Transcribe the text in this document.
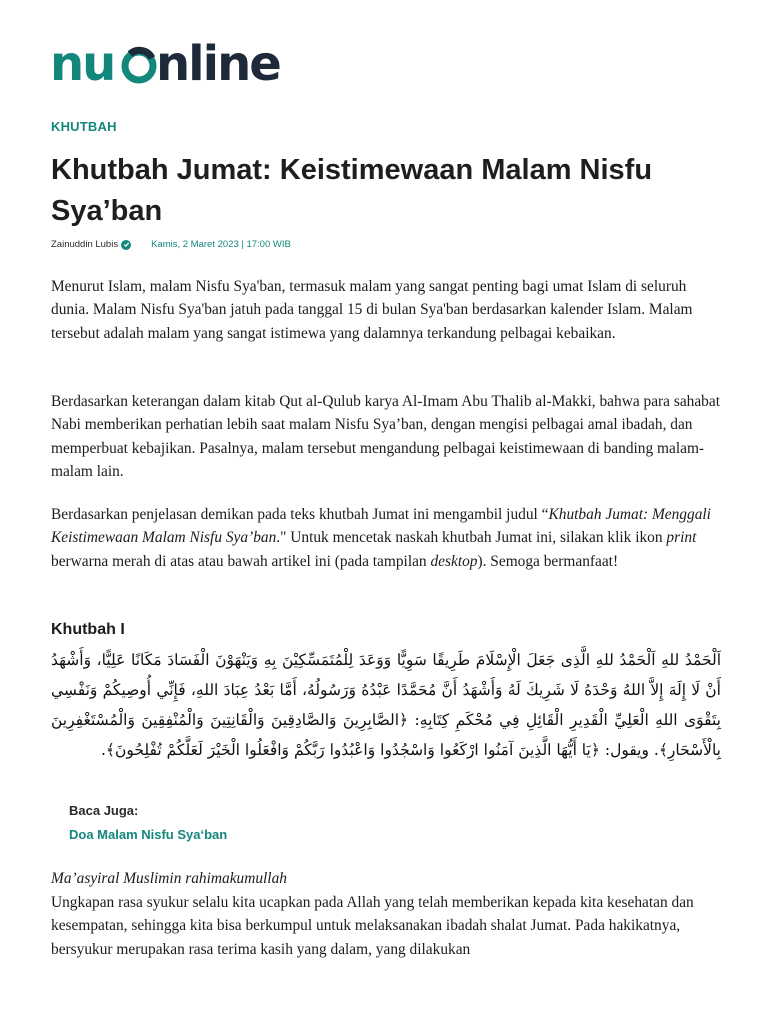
nu nline
KHUTBAH
Khutbah Jumat: Keistimewaan Malam Nisfu Sya’ban
Zainuddin Lubis	Kamis, 2 Maret 2023 | 17:00 WIB

Menurut Islam, malam Nisfu Sya'ban, termasuk malam yang sangat penting bagi umat Islam di seluruh dunia. Malam Nisfu Sya'ban jatuh pada tanggal 15 di bulan Sya'ban berdasarkan kalender Islam. Malam tersebut adalah malam yang sangat istimewa yang dalamnya terkandung pelbagai kebaikan.

Berdasarkan keterangan dalam kitab Qut al-Qulub karya Al-Imam Abu Thalib al-Makki, bahwa para sahabat Nabi memberikan perhatian lebih saat malam Nisfu Sya’ban, dengan mengisi pelbagai amal ibadah, dan memperbuat kebajikan. Pasalnya, malam tersebut mengandung pelbagai keistimewaan di banding malam-malam lain.

Berdasarkan penjelasan demikan pada teks khutbah Jumat ini mengambil judul “Khutbah Jumat: Menggali Keistimewaan Malam Nisfu Sya’ban." Untuk mencetak naskah khutbah Jumat ini, silakan klik ikon print berwarna merah di atas atau bawah artikel ini (pada tampilan desktop). Semoga bermanfaat!

Khutbah I

اَلْحَمْدُ للهِ اَلْحَمْدُ للهِ الَّذِى جَعَلَ الْإِسْلَامَ طَرِيقًا سَوِيًّا وَوَعَدَ لِلْمُتَمَسِّكِيْنَ بِهِ وَيَنْهَوْنَ الْفَسَادَ مَكَانًا عَلِيًّا، وَأَشْهَدُ أَنْ لَا إِلَهَ إِلاَّ اللهُ وَحْدَهُ لَا شَرِيكَ لَهُ وَأَشْهَدُ أَنَّ مُحَمَّدًا عَبْدُهُ وَرَسُولُهُ، أَمَّا بَعْدُ عِبَادَ اللهِ، فَإِنِّي أُوصِيكُمْ وَنَفْسِي بِتَقْوَى اللهِ الْعَلِيِّ الْقَدِيرِ الْقَائِلِ فِي مُحْكَمِ كِتَابِهِ: ﴿الصَّابِرِينَ وَالصَّادِقِينَ وَالْقَانِتِينَ وَالْمُنْفِقِينَ وَالْمُسْتَغْفِرِينَ بِالْأَسْحَارِ﴾. ويقول: ﴿يَا أَيُّهَا الَّذِينَ آمَنُوا ارْكَعُوا وَاسْجُدُوا وَاعْبُدُوا رَبَّكُمْ وَافْعَلُوا الْخَيْرَ لَعَلَّكُمْ تُفْلِحُونَ﴾.

Baca Juga:
Doa Malam Nisfu Sya‘ban
Ma’asyiral Muslimin rahimakumullah

Ungkapan rasa syukur selalu kita ucapkan pada Allah yang telah memberikan kepada kita kesehatan dan kesempatan, sehingga kita bisa berkumpul untuk melaksanakan ibadah shalat Jumat. Pada hakikatnya, bersyukur merupakan rasa terima kasih yang dalam, yang dilakukan
